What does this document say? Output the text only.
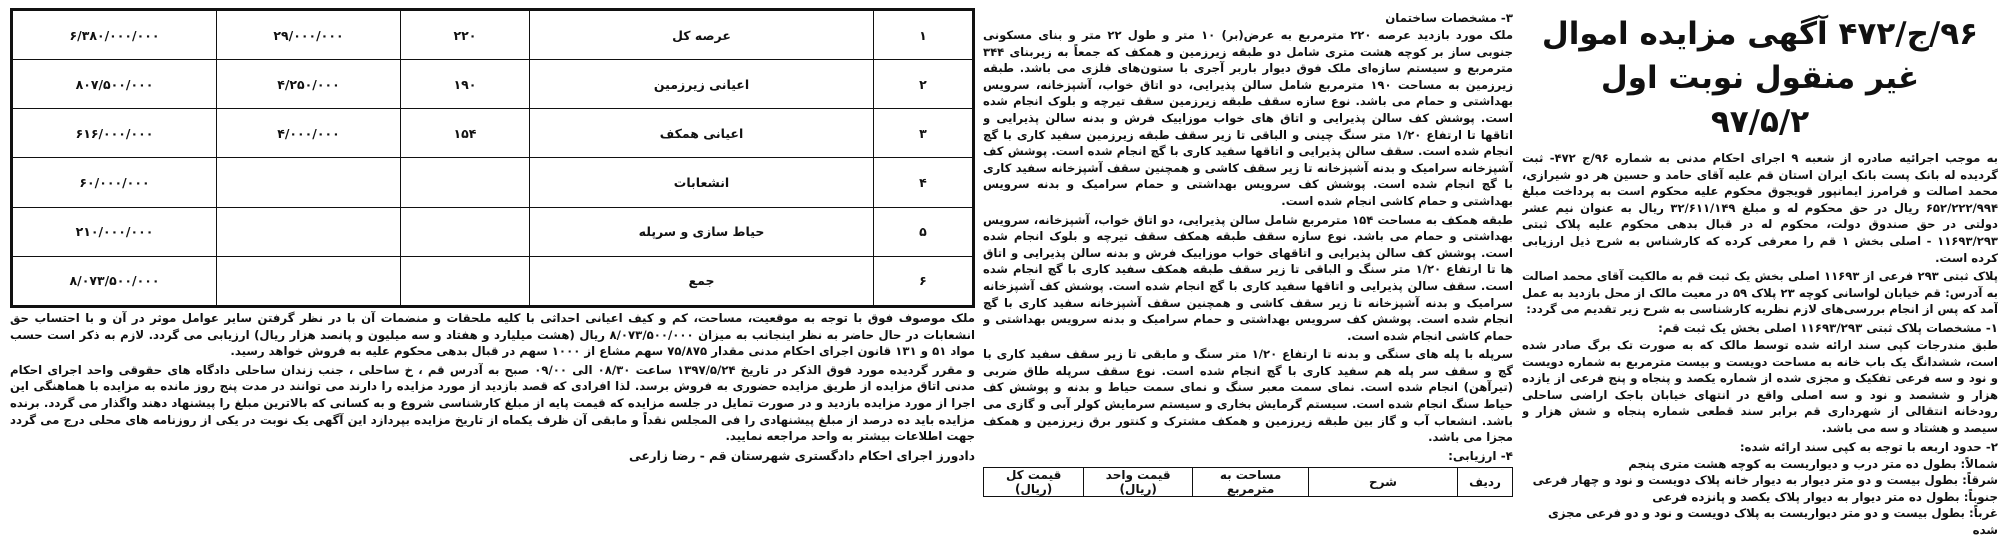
۹۶/ج/۴۷۲ آگهی مزایده اموال غیر منقول نوبت اول
۹۷/۵/۲

به موجب اجرائیه صادره از شعبه ۹ اجرای احکام مدنی به شماره ۹۶/ج ۴۷۲- ثبت گردیده له بانک پست بانک ایران استان قم علیه آقای حامد و حسین هر دو شیرازی، محمد اصالت و فرامرز ایمانپور قویجوق محکوم علیه محکوم است به پرداخت مبلغ ۶۵۲/۲۲۲/۹۹۴ ریال در حق محکوم له و مبلغ ۳۲/۶۱۱/۱۴۹ ریال به عنوان نیم عشر دولتی در حق صندوق دولت، محکوم له در قبال بدهی محکوم علیه پلاک ثبتی ۱۱۶۹۳/۲۹۳ - اصلی بخش ۱ قم را معرفی کرده که کارشناس به شرح ذیل ارزیابی کرده است.

پلاک ثبتی ۲۹۳ فرعی از ۱۱۶۹۳ اصلی بخش یک ثبت قم به مالکیت آقای محمد اصالت به آدرس: قم خیابان لواسانی کوچه ۲۳ پلاک ۵۹ در معیت مالک از محل بازدید به عمل آمد که پس از انجام بررسی‌های لازم نظریه کارشناسی به شرح زیر تقدیم می گردد:

۱- مشخصات پلاک ثبتی ۱۱۶۹۳/۲۹۳ اصلی بخش یک ثبت قم:

طبق مندرجات کپی سند ارائه شده توسط مالک که به صورت تک برگ صادر شده است، ششدانگ یک باب خانه به مساحت دویست و بیست مترمربع به شماره دویست و نود و سه فرعی تفکیک و مجزی شده از شماره یکصد و پنجاه و پنج فرعی از یازده هزار و ششصد و نود و سه اصلی واقع در انتهای خیابان باجک اراضی ساحلی رودخانه انتقالی از شهرداری قم برابر سند قطعی شماره پنجاه و شش هزار و سیصد و هشتاد و سه می باشد.

۲- حدود اربعه با توجه به کپی سند ارائه شده:
شمالاً: بطول ده متر درب و دیواریست به کوچه هشت متری پنجم
شرقاً: بطول بیست و دو متر دیوار به دیوار خانه پلاک دویست و نود و چهار فرعی
جنوباً: بطول ده متر دیوار به دیوار پلاک یکصد و پانزده فرعی
غرباً: بطول بیست و دو متر دیواریست به پلاک دویست و نود و دو فرعی مجزی شده
۳- مشخصات ساختمان

ملک مورد بازدید عرصه ۲۲۰ مترمربع به عرض(بر) ۱۰ متر و طول ۲۲ متر و بنای مسکونی جنوبی ساز بر کوچه هشت متری شامل دو طبقه زیرزمین و همکف که جمعاً به زیربنای ۳۴۴ مترمربع و سیستم سازه‌ای ملک فوق دیوار باربر آجری با ستون‌های فلزی می باشد. طبقه زیرزمین به مساحت ۱۹۰ مترمربع شامل سالن پذیرایی، دو اتاق خواب، آشپزخانه، سرویس بهداشتی و حمام می باشد. نوع سازه سقف طبقه زیرزمین سقف تیرچه و بلوک انجام شده است. پوشش کف سالن پذیرایی و اتاق های خواب موزاییک فرش و بدنه سالن پذیرایی و اتاقها تا ارتفاع ۱/۲۰ متر سنگ چینی و الباقی تا زیر سقف طبقه زیرزمین سفید کاری با گچ انجام شده است. سقف سالن پذیرایی و اتاقها سفید کاری با گچ انجام شده است. پوشش کف آشپزخانه سرامیک و بدنه آشپزخانه تا زیر سقف کاشی و همچنین سقف آشپزخانه سفید کاری با گچ انجام شده است. پوشش کف سرویس بهداشتی و حمام سرامیک و بدنه سرویس بهداشتی و حمام کاشی انجام شده است.

طبقه همکف به مساحت ۱۵۴ مترمربع شامل سالن پذیرایی، دو اتاق خواب، آشپزخانه، سرویس بهداشتی و حمام می باشد. نوع سازه سقف طبقه همکف سقف تیرچه و بلوک انجام شده است. پوشش کف سالن پذیرایی و اتاقهای خواب موزاییک فرش و بدنه سالن پذیرایی و اتاق ها تا ارتفاع ۱/۲۰ متر سنگ و الباقی تا زیر سقف طبقه همکف سفید کاری با گچ انجام شده است. سقف سالن پذیرایی و اتاقها سفید کاری با گچ انجام شده است. پوشش کف آشپزخانه سرامیک و بدنه آشپزخانه تا زیر سقف کاشی و همچنین سقف آشپزخانه سفید کاری با گچ انجام شده است. پوشش کف سرویس بهداشتی و حمام سرامیک و بدنه سرویس بهداشتی و حمام کاشی انجام شده است.

سرپله با پله های سنگی و بدنه تا ارتفاع ۱/۲۰ متر سنگ و مابقی تا زیر سقف سفید کاری با گچ و سقف سر پله هم سفید کاری با گچ انجام شده است. نوع سقف سرپله طاق ضربی (تیرآهن) انجام شده است. نمای سمت معبر سنگ و نمای سمت حیاط و بدنه و پوشش کف حیاط سنگ انجام شده است. سیستم گرمایش بخاری و سیستم سرمایش کولر آبی و گازی می باشد. انشعاب آب و گاز بین طبقه زیرزمین و همکف مشترک و کنتور برق زیرزمین و همکف مجزا می باشد.

۴- ارزیابی:
ردیف	شرح	مساحت به مترمربع	قیمت واحد (ریال)	قیمت کل (ریال)
۱	عرصه کل	۲۲۰	۲۹/۰۰۰/۰۰۰	۶/۳۸۰/۰۰۰/۰۰۰
۲	اعیانی زیرزمین	۱۹۰	۴/۲۵۰/۰۰۰	۸۰۷/۵۰۰/۰۰۰
۳	اعیانی همکف	۱۵۴	۴/۰۰۰/۰۰۰	۶۱۶/۰۰۰/۰۰۰
۴	انشعابات			۶۰/۰۰۰/۰۰۰
۵	حیاط سازی و سرپله			۲۱۰/۰۰۰/۰۰۰
۶	جمع			۸/۰۷۳/۵۰۰/۰۰۰

ملک موصوف فوق با توجه به موقعیت، مساحت، کم و کیف اعیانی احداثی با کلیه ملحقات و منضمات آن با در نظر گرفتن سایر عوامل موثر در آن و با احتساب حق انشعابات در حال حاضر به نظر اینجانب به میزان ۸/۰۷۳/۵۰۰/۰۰۰ ریال (هشت میلیارد و هفتاد و سه میلیون و پانصد هزار ریال) ارزیابی می گردد. لازم به ذکر است حسب مواد ۵۱ و ۱۳۱ قانون اجرای احکام مدنی مقدار ۷۵/۸۷۵ سهم مشاع از ۱۰۰۰ سهم در قبال بدهی محکوم علیه به فروش خواهد رسید.

و مقرر گردیده مورد فوق الذکر در تاریخ ۱۳۹۷/۵/۲۴ ساعت ۰۸/۳۰ الی ۰۹/۰۰ صبح به آدرس قم ، خ ساحلی ، جنب زندان ساحلی دادگاه های حقوقی واحد اجرای احکام مدنی اتاق مزایده از طریق مزایده حضوری به فروش برسد. لذا افرادی که قصد بازدید از مورد مزایده را دارند می توانند در مدت پنج روز مانده به مزایده با هماهنگی این اجرا از مورد مزایده بازدید و در صورت تمایل در جلسه مزایده که قیمت پایه از مبلغ کارشناسی شروع و به کسانی که بالاترین مبلغ را پیشنهاد دهند واگذار می گردد. برنده مزایده باید ده درصد از مبلغ پیشنهادی را فی المجلس نقداً و مابقی آن ظرف یکماه از تاریخ مزایده بپردازد این آگهی یک نوبت در یکی از روزنامه های محلی درج می گردد جهت اطلاعات بیشتر به واحد مراجعه نمایید.

دادورز اجرای احکام دادگستری شهرستان قم - رضا زارعی
